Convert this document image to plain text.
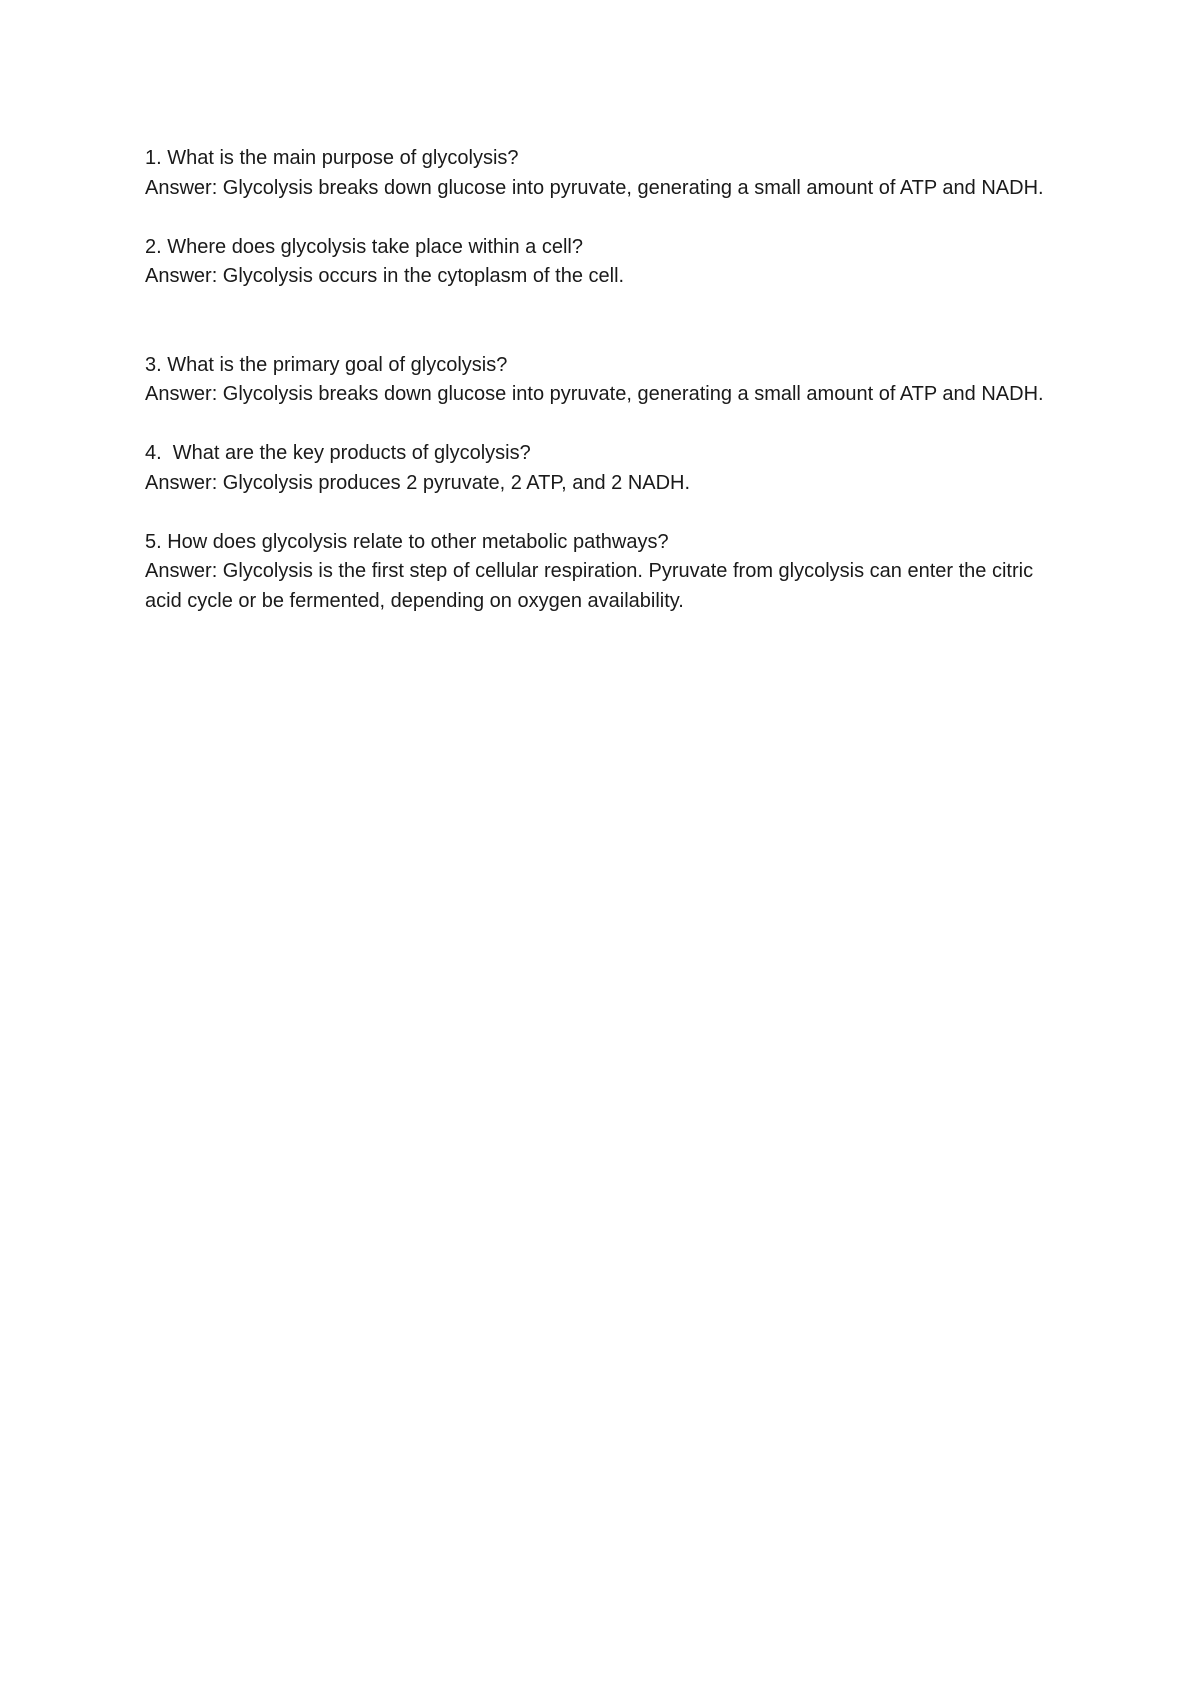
1. What is the main purpose of glycolysis?
Answer: Glycolysis breaks down glucose into pyruvate, generating a small amount of ATP and NADH.
2. Where does glycolysis take place within a cell?
Answer: Glycolysis occurs in the cytoplasm of the cell.
3. What is the primary goal of glycolysis?
Answer: Glycolysis breaks down glucose into pyruvate, generating a small amount of ATP and NADH.
4.  What are the key products of glycolysis?
Answer: Glycolysis produces 2 pyruvate, 2 ATP, and 2 NADH.
5. How does glycolysis relate to other metabolic pathways?
Answer: Glycolysis is the first step of cellular respiration. Pyruvate from glycolysis can enter the citric acid cycle or be fermented, depending on oxygen availability.
